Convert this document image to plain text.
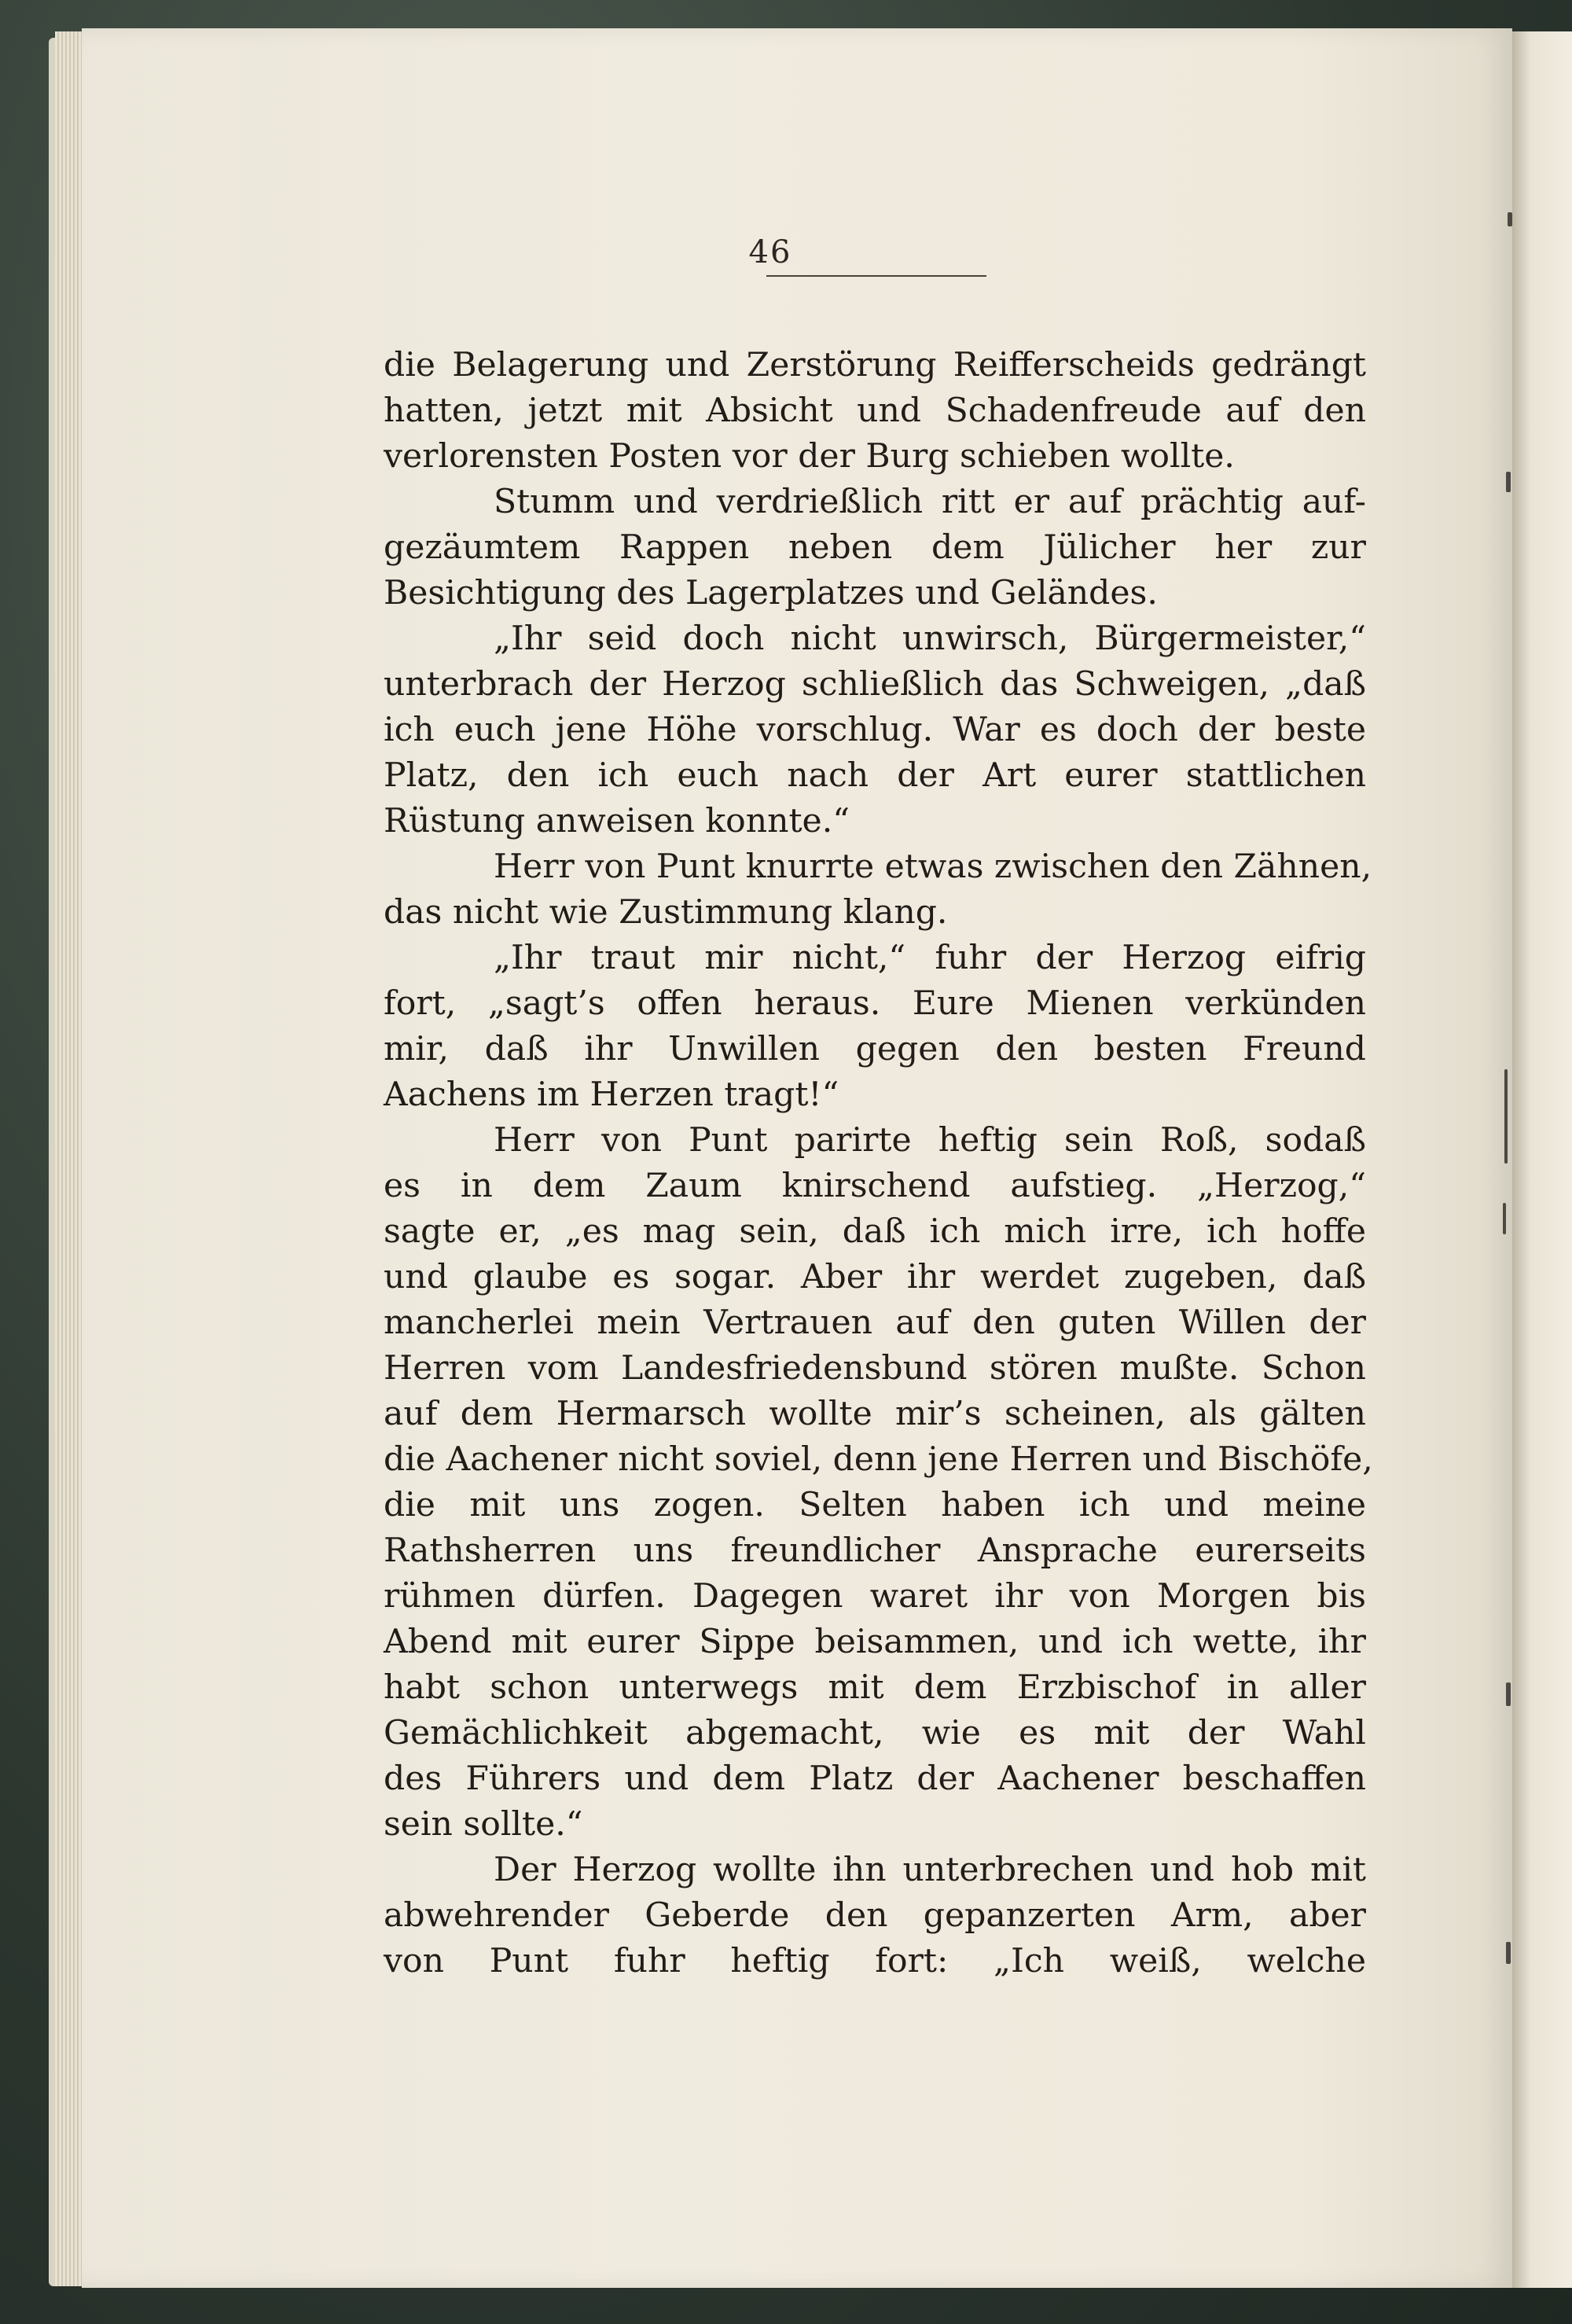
46
die Belagerung und Zerstörung Reifferscheids gedrängt
hatten, jetzt mit Absicht und Schadenfreude auf den
verlorensten Posten vor der Burg schieben wollte.
Stumm und verdrießlich ritt er auf prächtig auf-
gezäumtem Rappen neben dem Jülicher her zur
Besichtigung des Lagerplatzes und Geländes.
„Ihr seid doch nicht unwirsch, Bürgermeister,“
unterbrach der Herzog schließlich das Schweigen, „daß
ich euch jene Höhe vorschlug. War es doch der beste
Platz, den ich euch nach der Art eurer stattlichen
Rüstung anweisen konnte.“
Herr von Punt knurrte etwas zwischen den Zähnen,
das nicht wie Zustimmung klang.
„Ihr traut mir nicht,“ fuhr der Herzog eifrig
fort, „sagt’s offen heraus. Eure Mienen verkünden
mir, daß ihr Unwillen gegen den besten Freund
Aachens im Herzen tragt!“
Herr von Punt parirte heftig sein Roß, sodaß
es in dem Zaum knirschend aufstieg. „Herzog,“
sagte er, „es mag sein, daß ich mich irre, ich hoffe
und glaube es sogar. Aber ihr werdet zugeben, daß
mancherlei mein Vertrauen auf den guten Willen der
Herren vom Landesfriedensbund stören mußte. Schon
auf dem Hermarsch wollte mir’s scheinen, als gälten
die Aachener nicht soviel, denn jene Herren und Bischöfe,
die mit uns zogen. Selten haben ich und meine
Rathsherren uns freundlicher Ansprache eurerseits
rühmen dürfen. Dagegen waret ihr von Morgen bis
Abend mit eurer Sippe beisammen, und ich wette, ihr
habt schon unterwegs mit dem Erzbischof in aller
Gemächlichkeit abgemacht, wie es mit der Wahl
des Führers und dem Platz der Aachener beschaffen
sein sollte.“
Der Herzog wollte ihn unterbrechen und hob mit
abwehrender Geberde den gepanzerten Arm, aber
von Punt fuhr heftig fort: „Ich weiß, welche
